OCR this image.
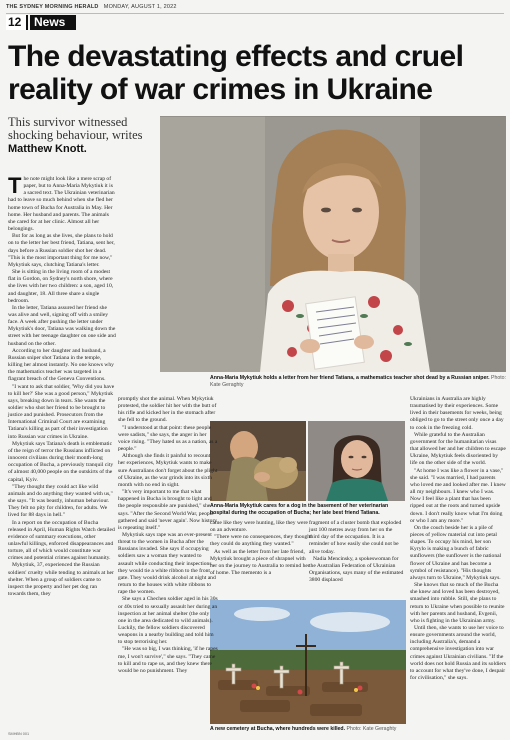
THE SYDNEY MORNING HERALD MONDAY, AUGUST 1, 2022
12	News
The devastating effects and cruel reality of war crimes in Ukraine
This survivor witnessed shocking behaviour, writes Matthew Knott.
Anna-Maria Mykytiuk holds a letter from her friend Tatiana, a mathematics teacher shot dead by a Russian sniper. Photo: Kate Geraghty
Anna-Maria Mykytiuk cares for a dog in the basement of her veterinarian hospital during the occupation of Bucha; her late best friend Tatiana.
A new cemetery at Bucha, where hundreds were killed. Photo: Kate Geraghty
T he note might look like a mere scrap of paper, but to Anna-Maria Mykytiuk it is a sacred text. The Ukrainian veterinarian had to leave so much behind when she fled her home town of Bucha for Australia in May. Her home. Her husband and parents. The animals she cared for at her clinic. Almost all her belongings.

But for as long as she lives, she plans to hold on to the letter her best friend, Tatiana, sent her, days before a Russian soldier shot her dead. "This is the most important thing for me now," Mykytiuk says, clutching Tatiana's letter.

She is sitting in the living room of a modest flat in Gordon, on Sydney's north shore, where she lives with her two children: a son, aged 10, and daughter, 18. All three share a single bedroom.

In the letter, Tatiana assured her friend she was alive and well, signing off with a smiley face. A week after pushing the letter under Mykytiuk's door, Tatiana was walking down the street with her teenage daughter on one side and husband on the other.

According to her daughter and husband, a Russian sniper shot Tatiana in the temple, killing her almost instantly. No one knows why the mathematics teacher was targeted in a flagrant breach of the Geneva Conventions.

"I want to ask that soldier, 'Why did you have to kill her?' She was a good person," Mykytiuk says, breaking down in tears. She wants the soldier who shot her friend to be brought to justice and punished. Prosecutors from the International Criminal Court are examining Tatiana's killing as part of their investigation into Russian war crimes in Ukraine.

Mykytiuk says Tatiana's death is emblematic of the reign of terror the Russians inflicted on innocent civilians during their month-long occupation of Bucha, a previously tranquil city of almost 40,000 people on the outskirts of the capital, Kyiv.

"They thought they could act like wild animals and do anything they wanted with us," she says. "It was beastly, inhuman behaviour. They felt no pity for children, for adults. We lived for 88 days in hell."

In a report on the occupation of Bucha released in April, Human Rights Watch detailed evidence of summary executions, other unlawful killings, enforced disappearances and torture, all of which would constitute war crimes and potential crimes against humanity.

Mykytiuk, 37, experienced the Russian soldiers' cruelty while tending to animals at her shelter. When a group of soldiers came to inspect the property and her pet dog ran towards them, they

promptly shot the animal. When Mykytiuk protested, the soldier hit her with the butt of his rifle and kicked her in the stomach after she fell to the ground.

"I understood at that point: these people were sadists," she says, the anger in her voice rising. "They hated us as a nation, as a people."

Although she finds it painful to recount her experiences, Mykytiuk wants to make sure Australians don't forget about the plight of Ukraine, as the war grinds into its sixth month with no end in sight.

"It's very important to me that what happened in Bucha is brought to light and the people responsible are punished," she says. "After the Second World War, people gathered and said 'never again'. Now history is repeating itself."

Mykytiuk says rape was an ever-present threat to the women in Bucha after the Russians invaded. She says if occupying soldiers saw a woman they wanted to assault while conducting their inspections, they would tie a white ribbon to the front gate. They would drink alcohol at night and return to the houses with white ribbons to rape the women.

She says a Chechen soldier aged in his 30s or 40s tried to sexually assault her during an inspection at her animal shelter (the only one in the area dedicated to wild animals). Luckily, the fellow soldiers discovered weapons in a nearby building and told him to stop terrorising her.

"He was so big, I was thinking, 'if he rapes me, I won't survive'," she says. "They came to kill and to rape us, and they knew there would be no punishment. They

came like they were hunting, like they were on an adventure.

"There were no consequences, they thought they could do anything they wanted."

As well as the letter from her late friend, Mykytiuk brought a piece of shrapnel with her on the journey to Australia to remind her of home. The memento is a

fragment of a cluster bomb that exploded just 100 metres away from her on the third day of the occupation. It is a reminder of how easily she could not be alive today.

Nadia Mencinsky, a spokeswoman for the Australian Federation of Ukrainian Organisations, says many of the estimated 3800 displaced

Ukrainians in Australia are highly traumatised by their experiences. Some lived in their basements for weeks, being obliged to go to the street only once a day to cook in the freezing cold.

While grateful to the Australian government for the humanitarian visas that allowed her and her children to escape Ukraine, Mykytiuk feels disoriented by life on the other side of the world.

"At home I was like a flower in a vase," she said. "I was married, I had parents who loved me and looked after me. I knew all my neighbours. I knew who I was. Now I feel like a plant that has been ripped out at the roots and turned upside down. I don't really know what I'm doing or who I am any more."

On the couch beside her is a pile of pieces of yellow material cut into petal shapes. To occupy his mind, her son Kyrylo is making a bunch of fabric sunflowers (the sunflower is the national flower of Ukraine and has become a symbol of resistance). "His thoughts always turn to Ukraine," Mykytiuk says.

She knows that so much of the Bucha she knew and loved has been destroyed, smashed into rubble. Still, she plans to return to Ukraine when possible to reunite with her parents and husband, Evgenii, who is fighting in the Ukrainian army.

Until then, she wants to use her voice to ensure governments around the world, including Australia's, demand a comprehensive investigation into war crimes against Ukrainian civilians. "If the world does not hold Russia and its soldiers to account for what they've done, I despair for civilisation," she says.

SMHBN 001
